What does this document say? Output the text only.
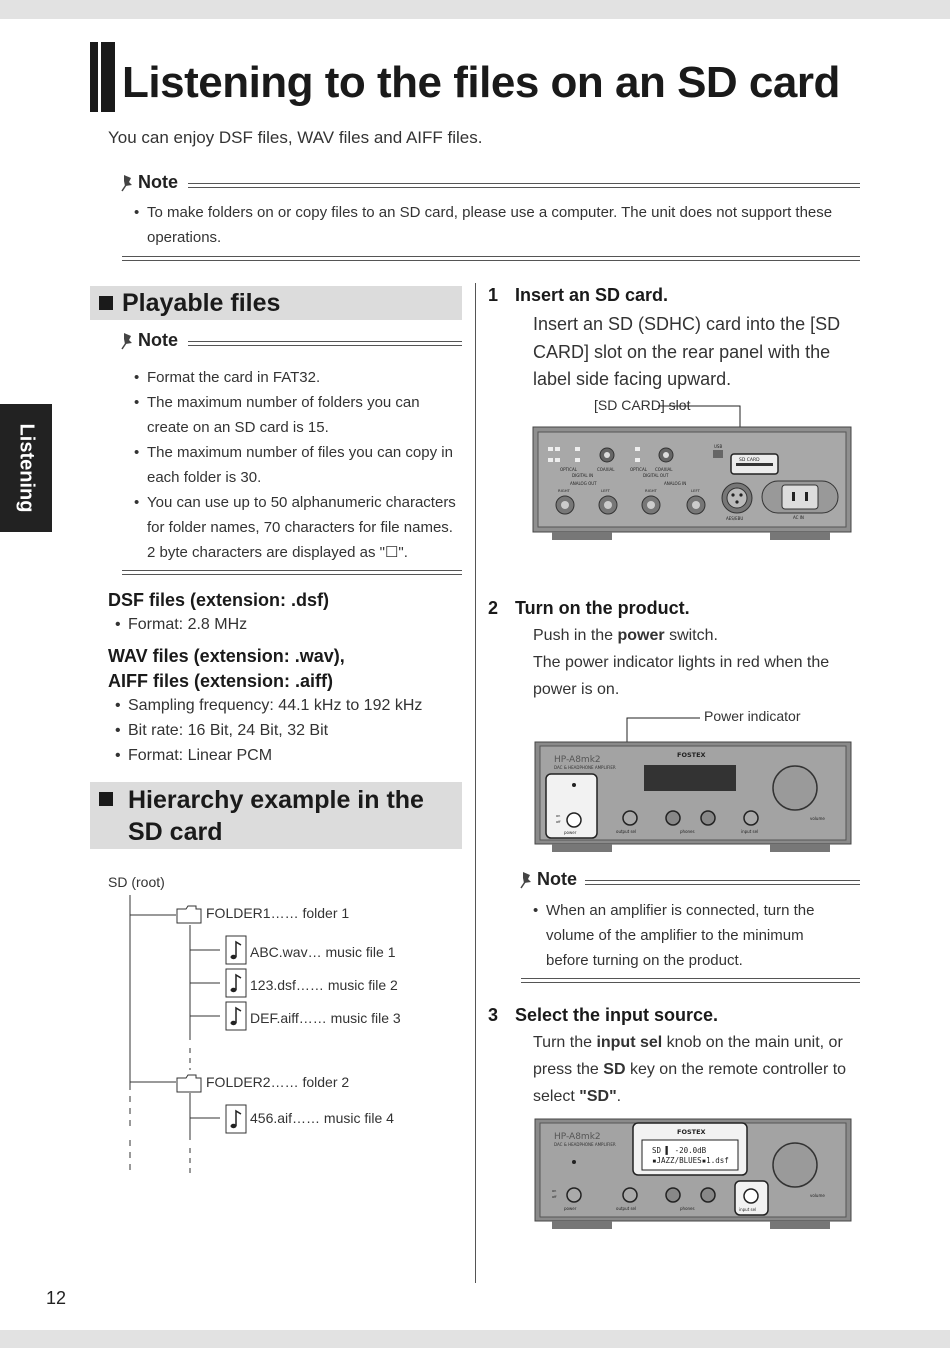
Listening to the files on an SD card
You can enjoy DSF files, WAV files and AIFF files.
Note
• To make folders on or copy files to an SD card, please use a computer. The unit does not support these
operations.
Listening
Playable files
Note
• Format the card in FAT32.
• The maximum number of folders you can
create on an SD card is 15.
• The maximum number of files you can copy in
each folder is 30.
• You can use up to 50 alphanumeric characters
for folder names, 70 characters for file names.
2 byte characters are displayed as "☐".
DSF files (extension: .dsf)
• Format: 2.8 MHz
WAV files (extension: .wav),
AIFF files (extension: .aiff)
• Sampling frequency: 44.1 kHz to 192 kHz
• Bit rate: 16 Bit, 24 Bit, 32 Bit
• Format: Linear PCM
Hierarchy example in the
SD card
SD (root)
FOLDER1…… folder 1
ABC.wav… music file 1
123.dsf…… music file 2
DEF.aiff…… music file 3
FOLDER2…… folder 2
456.aif…… music file 4
1 Insert an SD card.
Insert an SD (SDHC) card into the [SD
CARD] slot on the rear panel with the
label side facing upward.
[SD CARD] slot
SD CARD
USB
OPTICAL	COAXIAL
DIGITAL IN
OPTICAL COAXIAL
DIGITAL OUT
ANALOG OUT	ANALOG IN
RIGHT	LEFT	RIGHT	LEFT
AES/EBU	AC IN
2 Turn on the product.
Push in the power switch.
The power indicator lights in red when the
power is on.
Power indicator
HP-A8mk2
DAC & HEADPHONE AMPLIFIER
FOSTEX
volume
on
off
power	output sel	phones	input sel
Note
• When an amplifier is connected, turn the
volume of the amplifier to the minimum
before turning on the product.
3 Select the input source.
Turn the input sel knob on the main unit, or
press the SD key on the remote controller to
select "SD".
HP-A8mk2
DAC & HEADPHONE AMPLIFIER
FOSTEX
SD ▌ -20.0dB
▪JAZZ/BLUES▪1.dsf
volume
on
off
power	output sel	phones	input sel
12
